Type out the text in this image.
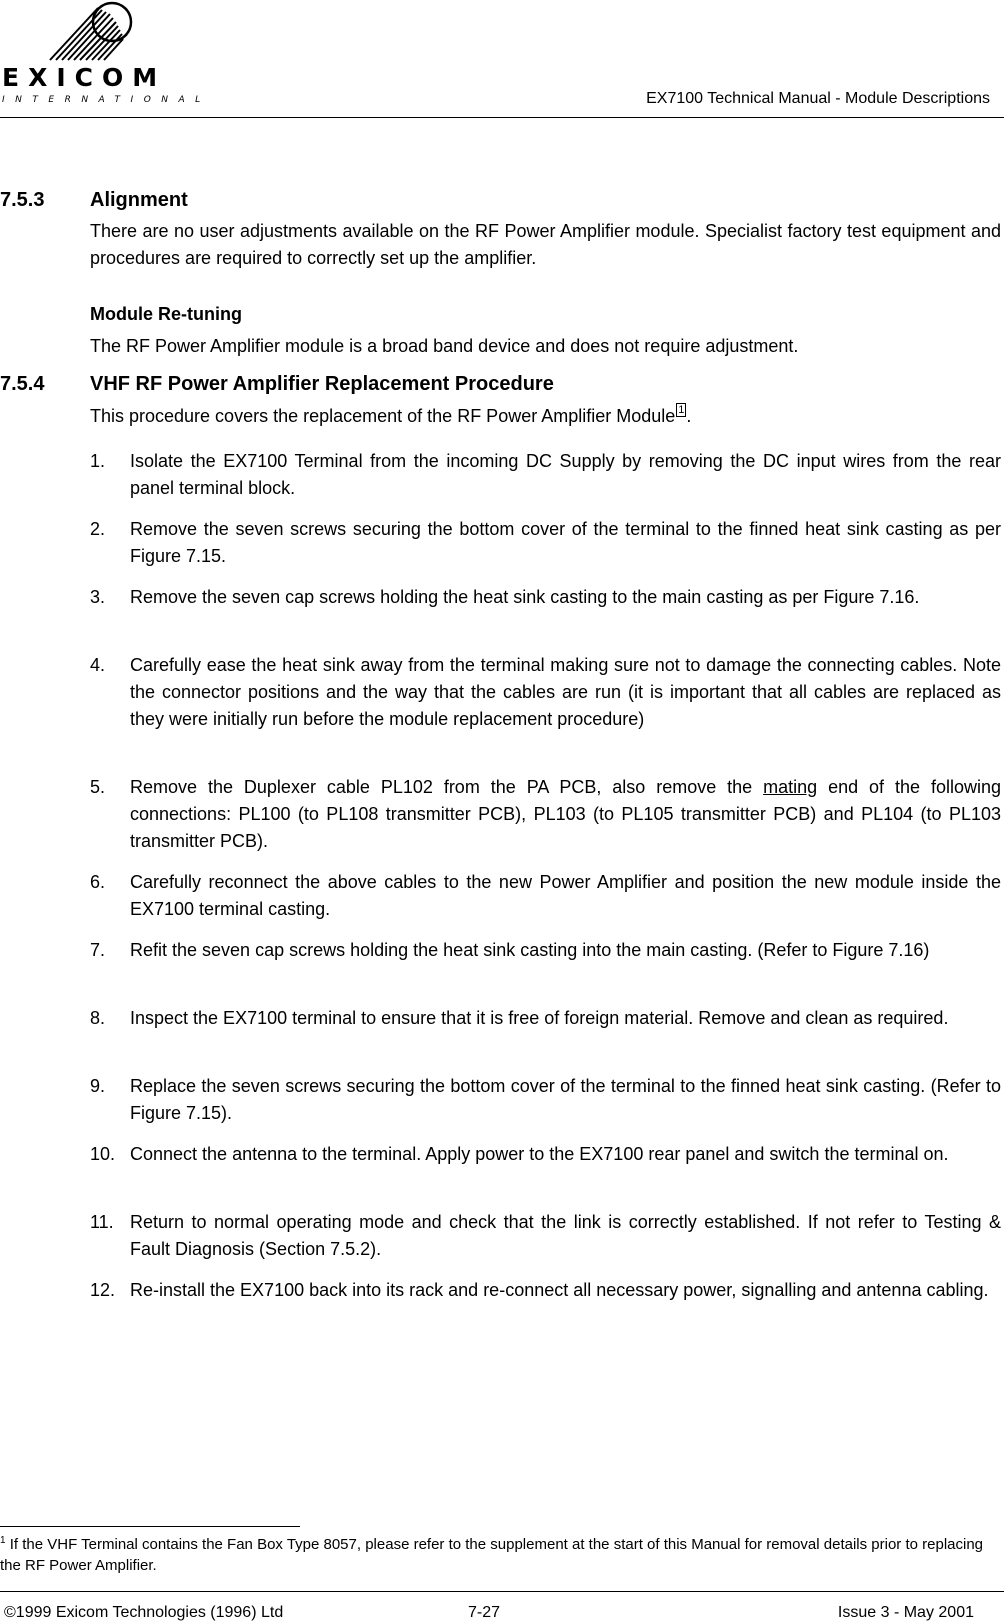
EXICOM
INTERNATIONAL	EX7100 Technical Manual - Module Descriptions
7.5.3 Alignment
There are no user adjustments available on the RF Power Amplifier module. Specialist factory test equipment and procedures are required to correctly set up the amplifier.
Module Re-tuning
The RF Power Amplifier module is a broad band device and does not require adjustment.
7.5.4 VHF RF Power Amplifier Replacement Procedure
This procedure covers the replacement of the RF Power Amplifier Module 1 .
1. Isolate the EX7100 Terminal from the incoming DC Supply by removing the DC input wires from the rear panel terminal block.
2. Remove the seven screws securing the bottom cover of the terminal to the finned heat sink casting as per Figure 7.15.
3. Remove the seven cap screws holding the heat sink casting to the main casting as per Figure 7.16.
4. Carefully ease the heat sink away from the terminal making sure not to damage the connecting cables. Note the connector positions and the way that the cables are run (it is important that all cables are replaced as they were initially run before the module replacement procedure)
5. Remove the Duplexer cable PL102 from the PA PCB, also remove the mating end of the following connections: PL100 (to PL108 transmitter PCB), PL103 (to PL105 transmitter PCB) and PL104 (to PL103 transmitter PCB).
6. Carefully reconnect the above cables to the new Power Amplifier and position the new module inside the EX7100 terminal casting.
7. Refit the seven cap screws holding the heat sink casting into the main casting. (Refer to Figure 7.16)
8. Inspect the EX7100 terminal to ensure that it is free of foreign material. Remove and clean as required.
9. Replace the seven screws securing the bottom cover of the terminal to the finned heat sink casting. (Refer to Figure 7.15).
10. Connect the antenna to the terminal. Apply power to the EX7100 rear panel and switch the terminal on.
11. Return to normal operating mode and check that the link is correctly established. If not refer to Testing & Fault Diagnosis (Section 7.5.2).
12. Re-install the EX7100 back into its rack and re-connect all necessary power, signalling and antenna cabling.
$^1$ If the VHF Terminal contains the Fan Box Type 8057, please refer to the supplement at the start of this Manual for removal details prior to replacing the RF Power Amplifier.
©1999 Exicom Technologies (1996) Ltd	7-27	Issue 3 - May 2001
